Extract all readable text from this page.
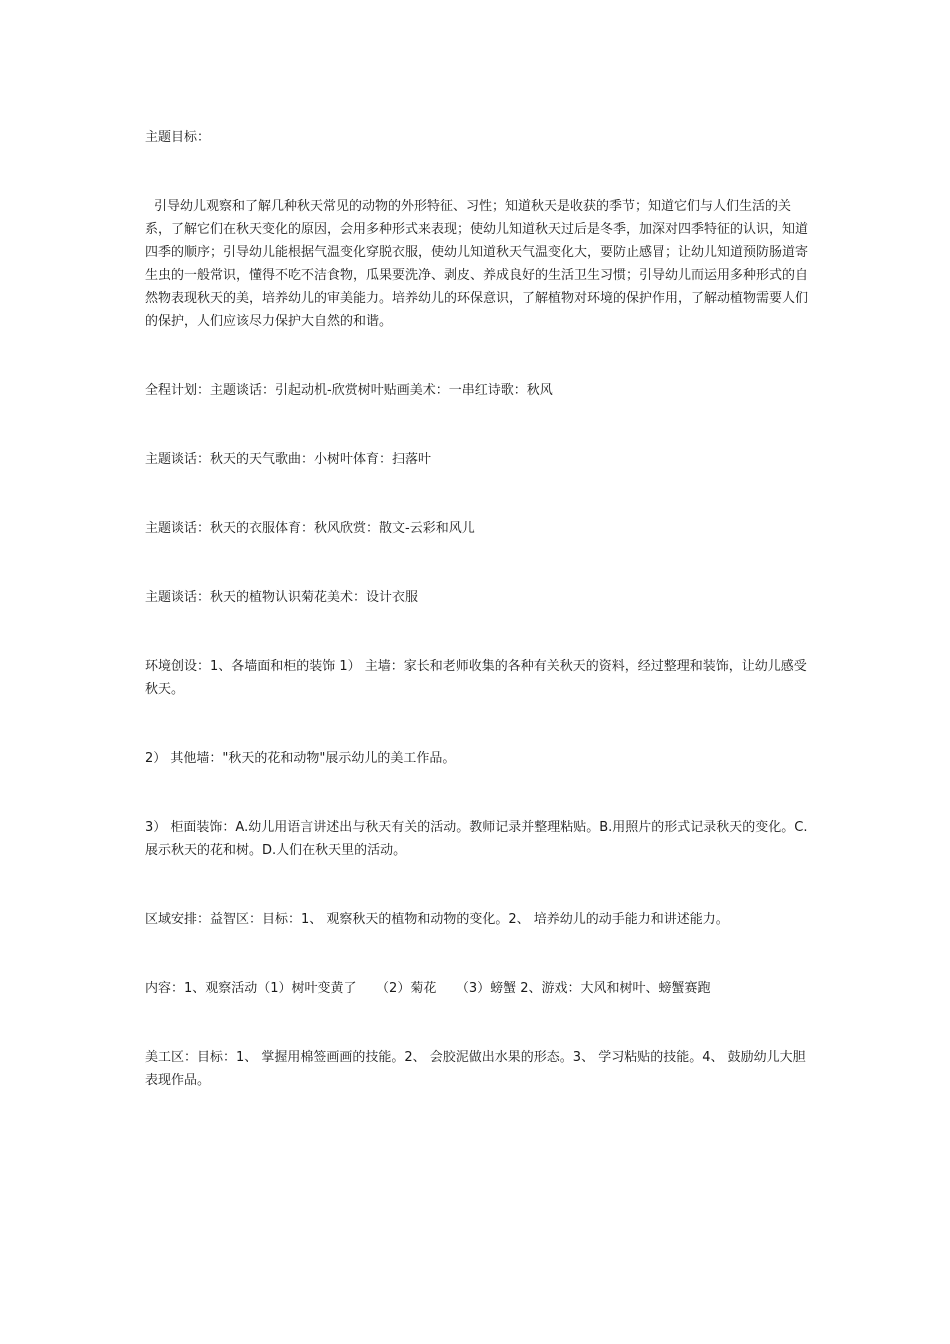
主题目标：

引导幼儿观察和了解几种秋天常见的动物的外形特征、习性；知道秋天是收获的季节；知道它们与人们生活的关系，了解它们在秋天变化的原因，会用多种形式来表现；使幼儿知道秋天过后是冬季，加深对四季特征的认识，知道四季的顺序；引导幼儿能根据气温变化穿脱衣服，使幼儿知道秋天气温变化大，要防止感冒；让幼儿知道预防肠道寄生虫的一般常识，懂得不吃不洁食物，瓜果要洗净、剥皮、养成良好的生活卫生习惯；引导幼儿而运用多种形式的自然物表现秋天的美，培养幼儿的审美能力。培养幼儿的环保意识，了解植物对环境的保护作用，了解动植物需要人们的保护，人们应该尽力保护大自然的和谐。

全程计划：主题谈话：引起动机-欣赏树叶贴画美术：一串红诗歌：秋风

主题谈话：秋天的天气歌曲：小树叶体育：扫落叶

主题谈话：秋天的衣服体育：秋风欣赏：散文-云彩和风儿

主题谈话：秋天的植物认识菊花美术：设计衣服

环境创设：1、各墙面和柜的装饰 1） 主墙：家长和老师收集的各种有关秋天的资料，经过整理和装饰，让幼儿感受秋天。

2） 其他墙："秋天的花和动物"展示幼儿的美工作品。

3） 柜面装饰：A.幼儿用语言讲述出与秋天有关的活动。教师记录并整理粘贴。B.用照片的形式记录秋天的变化。C.展示秋天的花和树。D.人们在秋天里的活动。

区域安排：益智区：目标：1、 观察秋天的植物和动物的变化。2、 培养幼儿的动手能力和讲述能力。

内容：1、观察活动（1）树叶变黄了　　（2）菊花　　（3）螃蟹 2、游戏：大风和树叶、螃蟹赛跑

美工区：目标：1、 掌握用棉签画画的技能。2、 会胶泥做出水果的形态。3、 学习粘贴的技能。4、 鼓励幼儿大胆表现作品。
